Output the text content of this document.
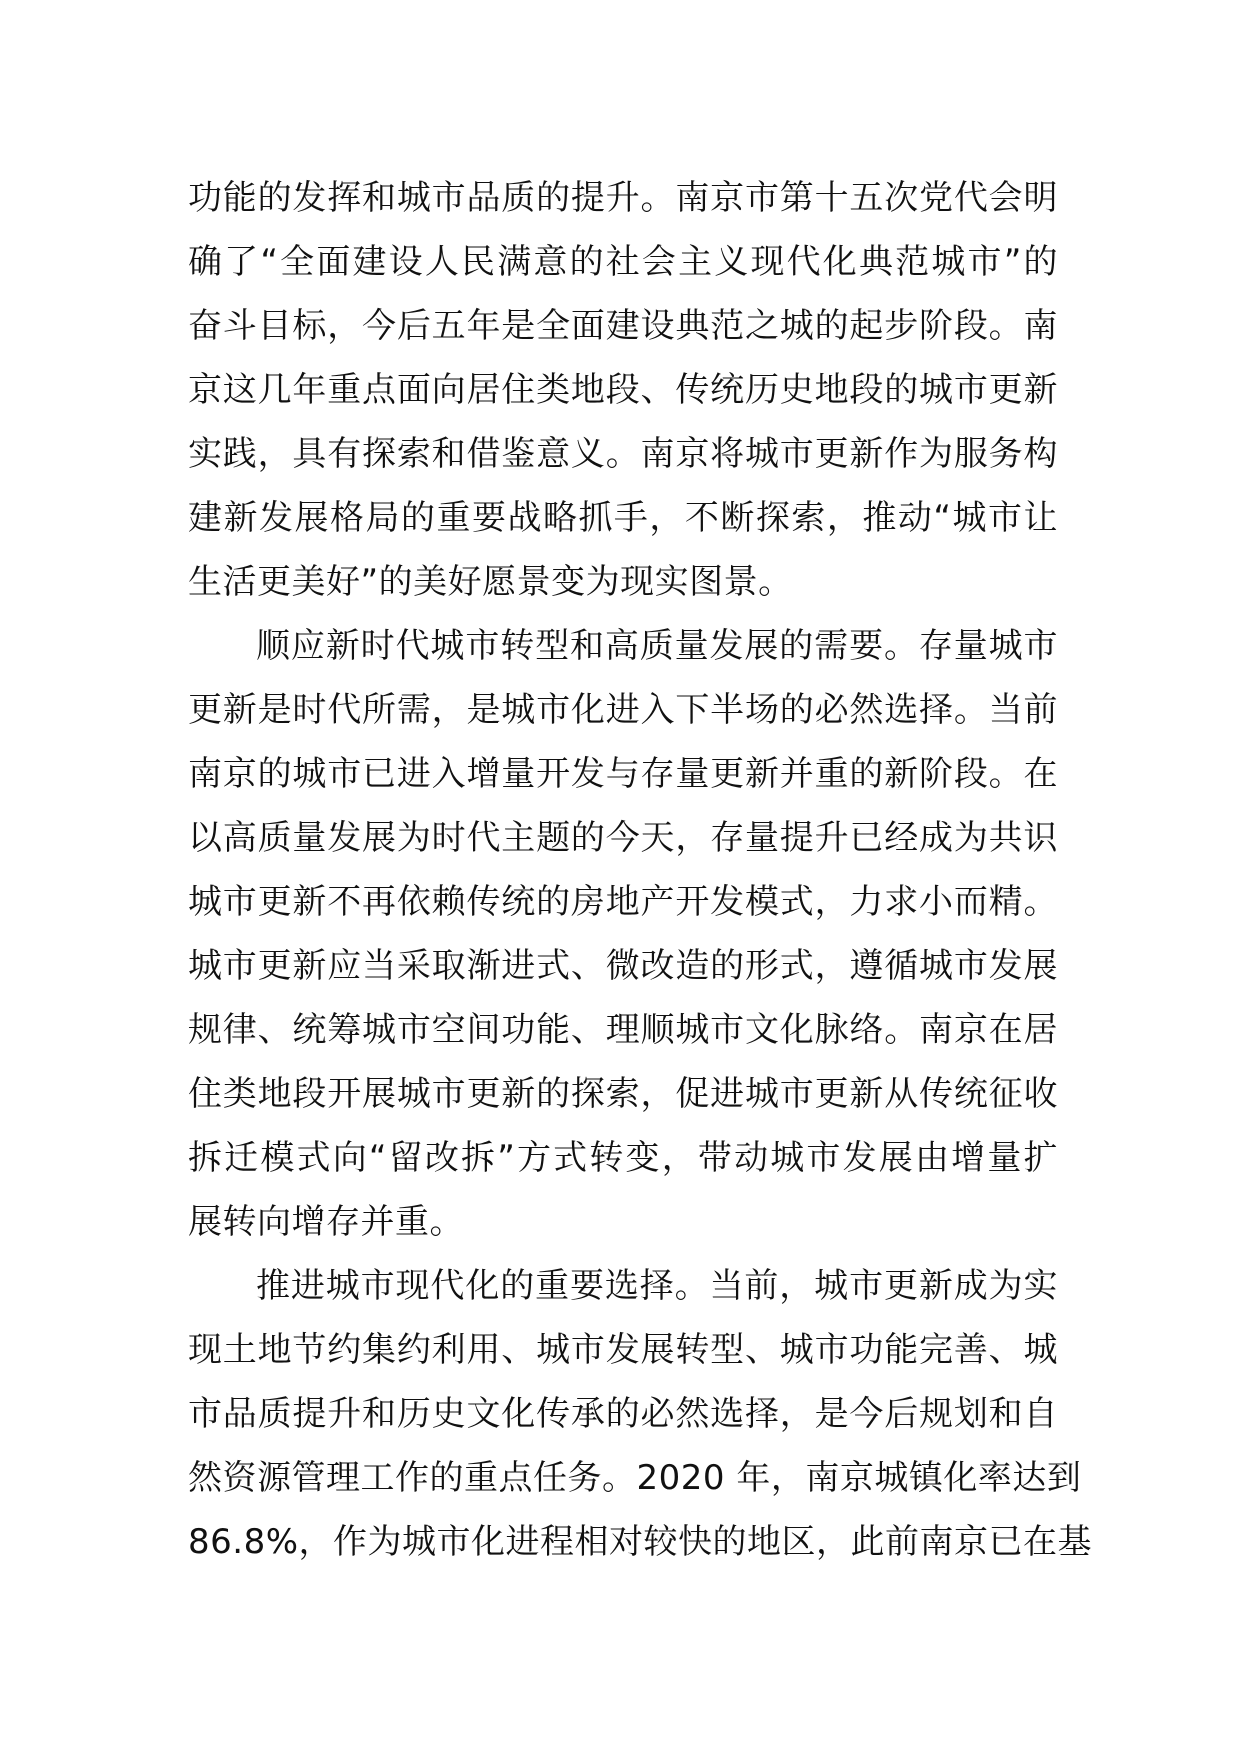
功能的发挥和城市品质的提升。南京市第十五次党代会明
确了“全面建设人民满意的社会主义现代化典范城市”的
奋斗目标，今后五年是全面建设典范之城的起步阶段。南
京这几年重点面向居住类地段、传统历史地段的城市更新
实践，具有探索和借鉴意义。南京将城市更新作为服务构
建新发展格局的重要战略抓手，不断探索，推动“城市让
生活更美好”的美好愿景变为现实图景。
顺应新时代城市转型和高质量发展的需要。存量城市
更新是时代所需，是城市化进入下半场的必然选择。当前
南京的城市已进入增量开发与存量更新并重的新阶段。在
以高质量发展为时代主题的今天，存量提升已经成为共识
城市更新不再依赖传统的房地产开发模式，力求小而精。
城市更新应当采取渐进式、微改造的形式，遵循城市发展
规律、统筹城市空间功能、理顺城市文化脉络。南京在居
住类地段开展城市更新的探索，促进城市更新从传统征收
拆迁模式向“留改拆”方式转变，带动城市发展由增量扩
展转向增存并重。
推进城市现代化的重要选择。当前，城市更新成为实
现土地节约集约利用、城市发展转型、城市功能完善、城
市品质提升和历史文化传承的必然选择，是今后规划和自
然资源管理工作的重点任务。2020 年，南京城镇化率达到
86.8%，作为城市化进程相对较快的地区，此前南京已在基
